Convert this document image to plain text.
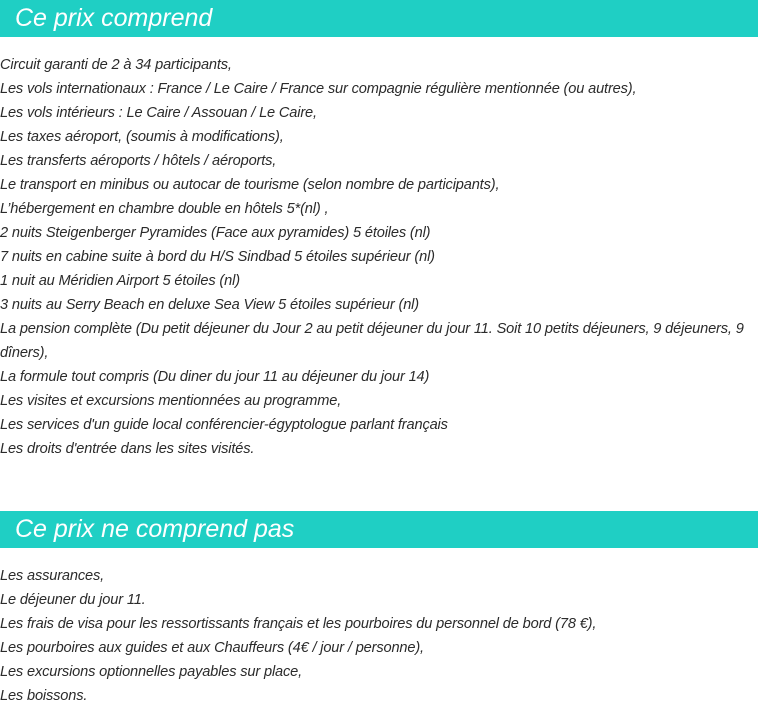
Ce prix comprend
Circuit garanti de 2 à 34 participants,
Les vols internationaux : France / Le Caire / France sur compagnie régulière mentionnée (ou autres),
Les vols intérieurs : Le Caire / Assouan / Le Caire,
Les taxes aéroport, (soumis à modifications),
Les transferts aéroports / hôtels / aéroports,
Le transport en minibus ou autocar de tourisme (selon nombre de participants),
L’hébergement en chambre double en hôtels 5*(nl) ,
2 nuits Steigenberger Pyramides (Face aux pyramides) 5 étoiles (nl)
7 nuits en cabine suite à bord du H/S Sindbad 5 étoiles supérieur (nl)
1 nuit au Méridien Airport 5 étoiles (nl)
3 nuits au Serry Beach en deluxe Sea View 5 étoiles supérieur (nl)
La pension complète (Du petit déjeuner du Jour 2 au petit déjeuner du jour 11. Soit 10 petits déjeuners, 9 déjeuners, 9 dîners),
La formule tout compris (Du diner du jour 11 au déjeuner du jour 14)
Les visites et excursions mentionnées au programme,
Les services d'un guide local conférencier-égyptologue parlant français
Les droits d'entrée dans les sites visités.
Ce prix ne comprend pas
Les assurances,
Le déjeuner du jour 11.
Les frais de visa pour les ressortissants français et les pourboires du personnel de bord (78 €),
Les pourboires aux guides et aux Chauffeurs (4€ / jour / personne),
Les excursions optionnelles payables sur place,
Les boissons.
